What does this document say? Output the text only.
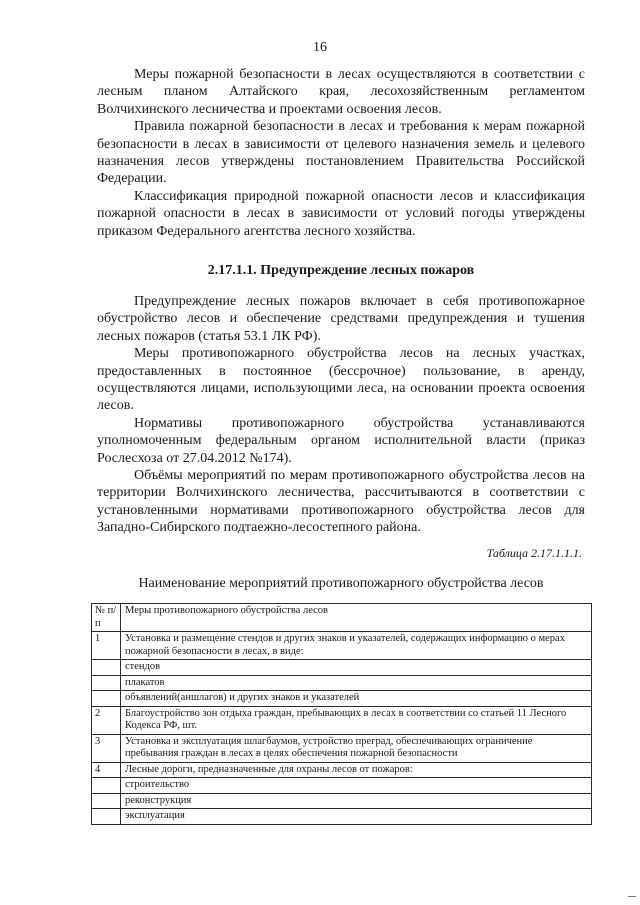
16

Меры пожарной безопасности в лесах осуществляются в соответствии с лесным планом Алтайского края, лесохозяйственным регламентом Волчихинского лесничества и проектами освоения лесов.

Правила пожарной безопасности в лесах и требования к мерам пожарной безопасности в лесах в зависимости от целевого назначения земель и целевого назначения лесов утверждены постановлением Правительства Российской Федерации.

Классификация природной пожарной опасности лесов и классификация пожарной опасности в лесах в зависимости от условий погоды утверждены приказом Федерального агентства лесного хозяйства.

2.17.1.1. Предупреждение лесных пожаров

Предупреждение лесных пожаров включает в себя противопожарное обустройство лесов и обеспечение средствами предупреждения и тушения лесных пожаров (статья 53.1 ЛК РФ).

Меры противопожарного обустройства лесов на лесных участках, предоставленных в постоянное (бессрочное) пользование, в аренду, осуществляются лицами, использующими леса, на основании проекта освоения лесов.

Нормативы противопожарного обустройства устанавливаются уполномоченным федеральным органом исполнительной власти (приказ Рослесхоза от 27.04.2012 №174).

Объёмы мероприятий по мерам противопожарного обустройства лесов на территории Волчихинского лесничества, рассчитываются в соответствии с установленными нормативами противопожарного обустройства лесов для Западно-Сибирского подтаежно-лесостепного района.

Таблица 2.17.1.1.1.
Наименование мероприятий противопожарного обустройства лесов
№ п/п	Меры противопожарного обустройства лесов
1	Установка и размещение стендов и других знаков и указателей, содержащих информацию о мерах пожарной безопасности в лесах, в виде:
	стендов
	плакатов
	объявлений(аншлагов) и других знаков и указателей
2	Благоустройство зон отдыха граждан, пребывающих в лесах в соответствии со статьей 11 Лесного Кодекса РФ, шт.
3	Установка и эксплуатация шлагбаумов, устройство преград, обеспечивающих ограничение пребывания граждан в лесах в целях обеспечения пожарной безопасности
4	Лесные дороги, предназначенные для охраны лесов от пожаров:
	строительство
	реконструкция
	эксплуатация
